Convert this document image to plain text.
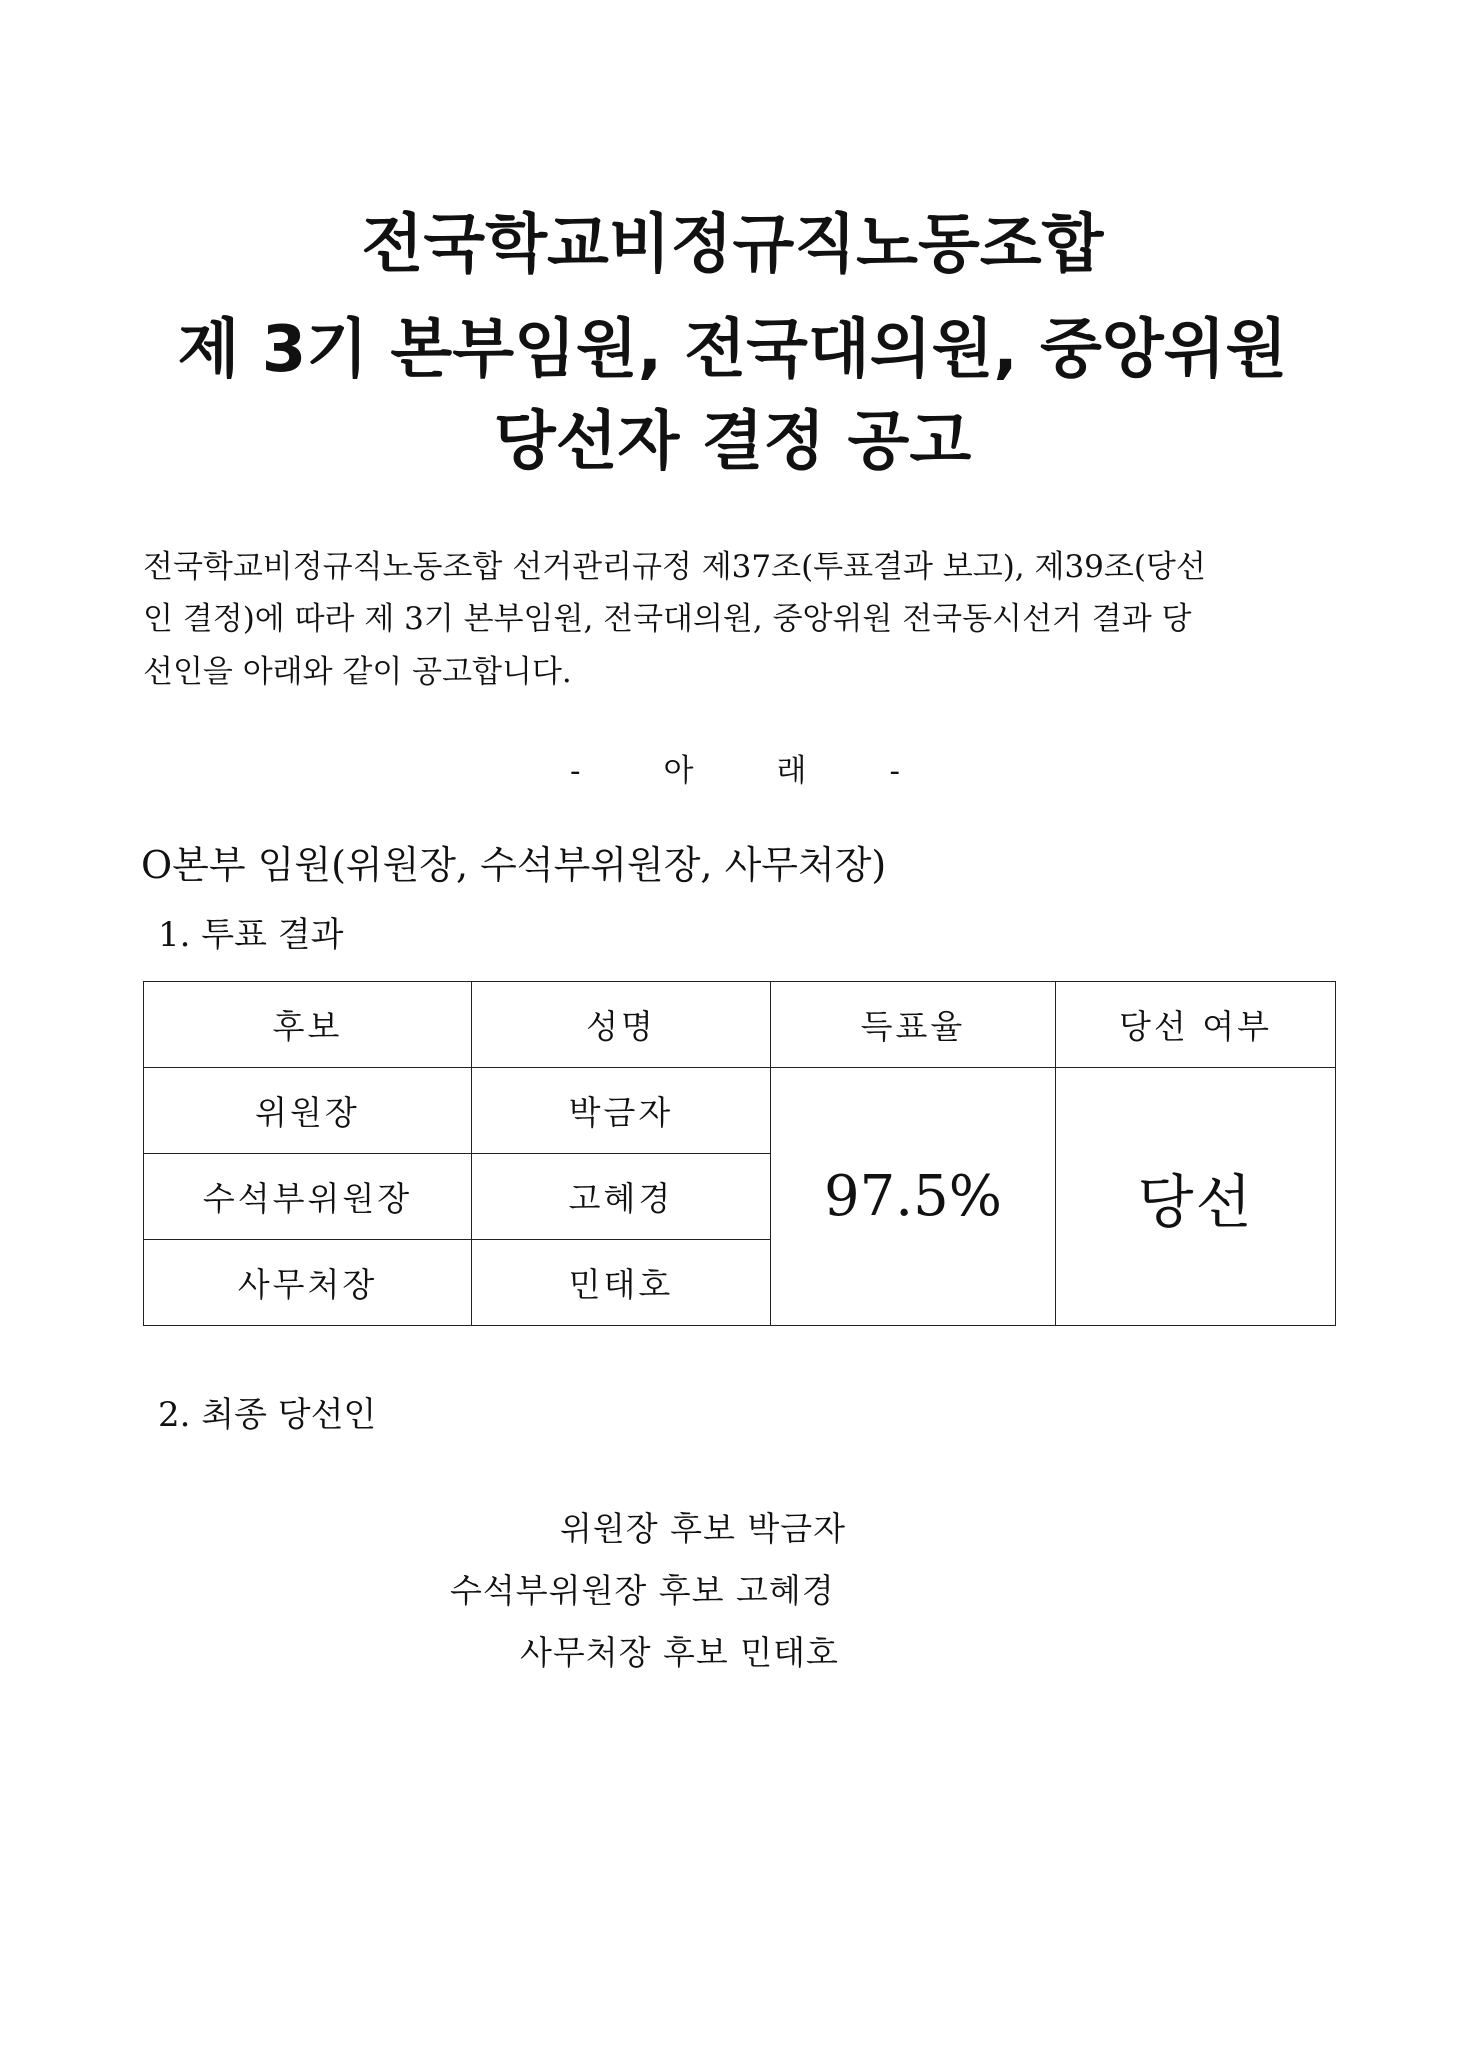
전국학교비정규직노동조합
제 3기 본부임원, 전국대의원, 중앙위원
당선자 결정 공고
전국학교비정규직노동조합 선거관리규정 제37조(투표결과 보고), 제39조(당선
인 결정)에 따라 제 3기 본부임원, 전국대의원, 중앙위원 전국동시선거 결과 당
선인을 아래와 같이 공고합니다.
-	아	래	-
O본부 임원(위원장, 수석부위원장, 사무처장)
1. 투표 결과
후보	성명	득표율	당선 여부
위원장	박금자	97.5%	당선
수석부위원장	고혜경		
사무처장	민태호		
2. 최종 당선인
위원장 후보 박금자
수석부위원장 후보 고혜경
사무처장 후보 민태호
